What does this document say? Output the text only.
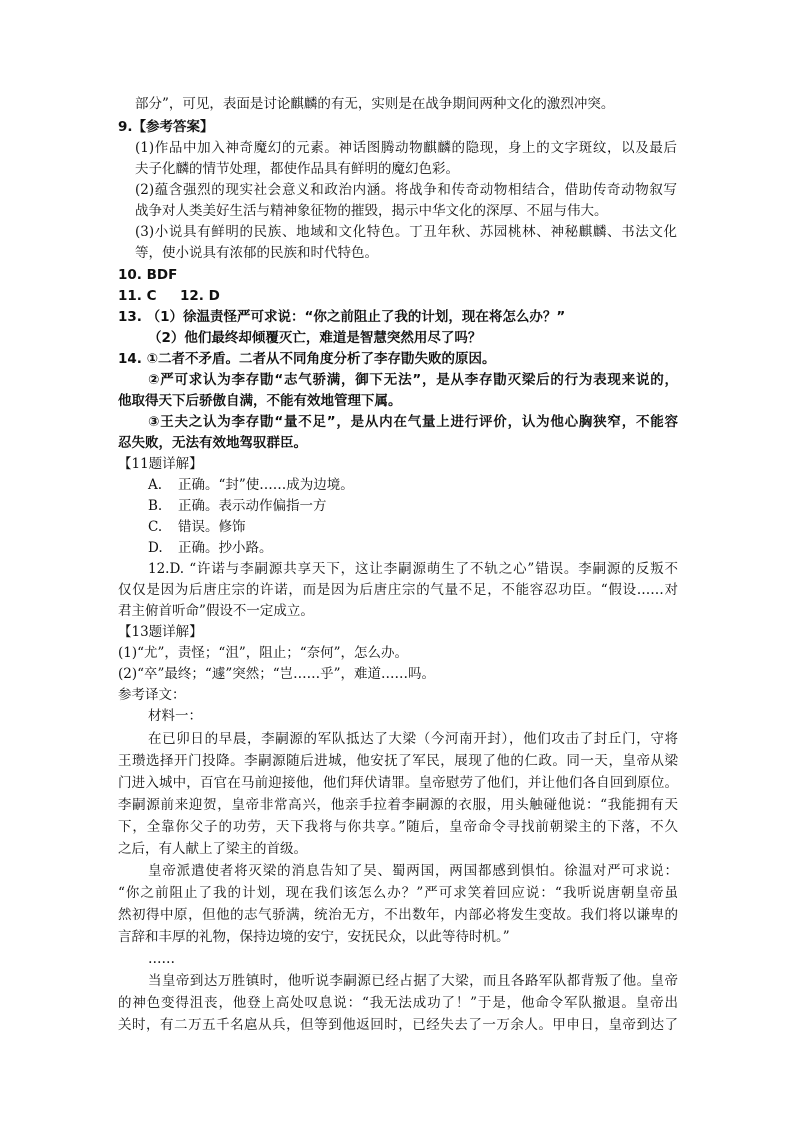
部分”，可见，表面是讨论麒麟的有无，实则是在战争期间两种文化的激烈冲突。
9.【参考答案】
(1)作品中加入神奇魔幻的元素。神话图腾动物麒麟的隐现，身上的文字斑纹，以及最后
夫子化麟的情节处理，都使作品具有鲜明的魔幻色彩。
(2)蕴含强烈的现实社会意义和政治内涵。将战争和传奇动物相结合，借助传奇动物叙写
战争对人类美好生活与精神象征物的摧毁，揭示中华文化的深厚、不屈与伟大。
(3)小说具有鲜明的民族、地域和文化特色。丁丑年秋、苏园桃林、神秘麒麟、书法文化
等，使小说具有浓郁的民族和时代特色。
10. BDF
11. C     12. D
13. （1）徐温责怪严可求说：“你之前阻止了我的计划，现在将怎么办？”
（2）他们最终却倾覆灭亡，难道是智慧突然用尽了吗？
14. ①二者不矛盾。二者从不同角度分析了李存勖失败的原因。
②严可求认为李存勖“志气骄满，御下无法”，是从李存勖灭梁后的行为表现来说的，
他取得天下后骄傲自满，不能有效地管理下属。
③王夫之认为李存勖“量不足”，是从内在气量上进行评价，认为他心胸狭窄，不能容
忍失败，无法有效地驾驭群臣。
【11题详解】
A. 正确。“封”使……成为边境。
B. 正确。表示动作偏指一方
C. 错误。修饰
D. 正确。抄小路。
12.D. “许诺与李嗣源共享天下，这让李嗣源萌生了不轨之心”错误。李嗣源的反叛不
仅仅是因为后唐庄宗的许诺，而是因为后唐庄宗的气量不足，不能容忍功臣。“假设……对
君主俯首听命”假设不一定成立。
【13题详解】
(1)“尤”，责怪；“沮”，阻止；“奈何”，怎么办。
(2)“卒”最终；“遽”突然；“岂……乎”，难道……吗。
参考译文：
材料一：
在已卯日的早晨，李嗣源的军队抵达了大梁（今河南开封），他们攻击了封丘门，守将
王瓒选择开门投降。李嗣源随后进城，他安抚了军民，展现了他的仁政。同一天，皇帝从梁
门进入城中，百官在马前迎接他，他们拜伏请罪。皇帝慰劳了他们，并让他们各自回到原位。
李嗣源前来迎贺，皇帝非常高兴，他亲手拉着李嗣源的衣服，用头触碰他说：“我能拥有天
下，全靠你父子的功劳，天下我将与你共享。”随后，皇帝命令寻找前朝梁主的下落，不久
之后，有人献上了梁主的首级。
皇帝派遣使者将灭梁的消息告知了吴、蜀两国，两国都感到惧怕。徐温对严可求说：
“你之前阻止了我的计划，现在我们该怎么办？”严可求笑着回应说：“我听说唐朝皇帝虽
然初得中原，但他的志气骄满，统治无方，不出数年，内部必将发生变故。我们将以谦卑的
言辞和丰厚的礼物，保持边境的安宁，安抚民众，以此等待时机。”
……
当皇帝到达万胜镇时，他听说李嗣源已经占据了大梁，而且各路军队都背叛了他。皇帝
的神色变得沮丧，他登上高处叹息说：“我无法成功了！”于是，他命令军队撤退。皇帝出
关时，有二万五千名扈从兵，但等到他返回时，已经失去了一万余人。甲申日，皇帝到达了
